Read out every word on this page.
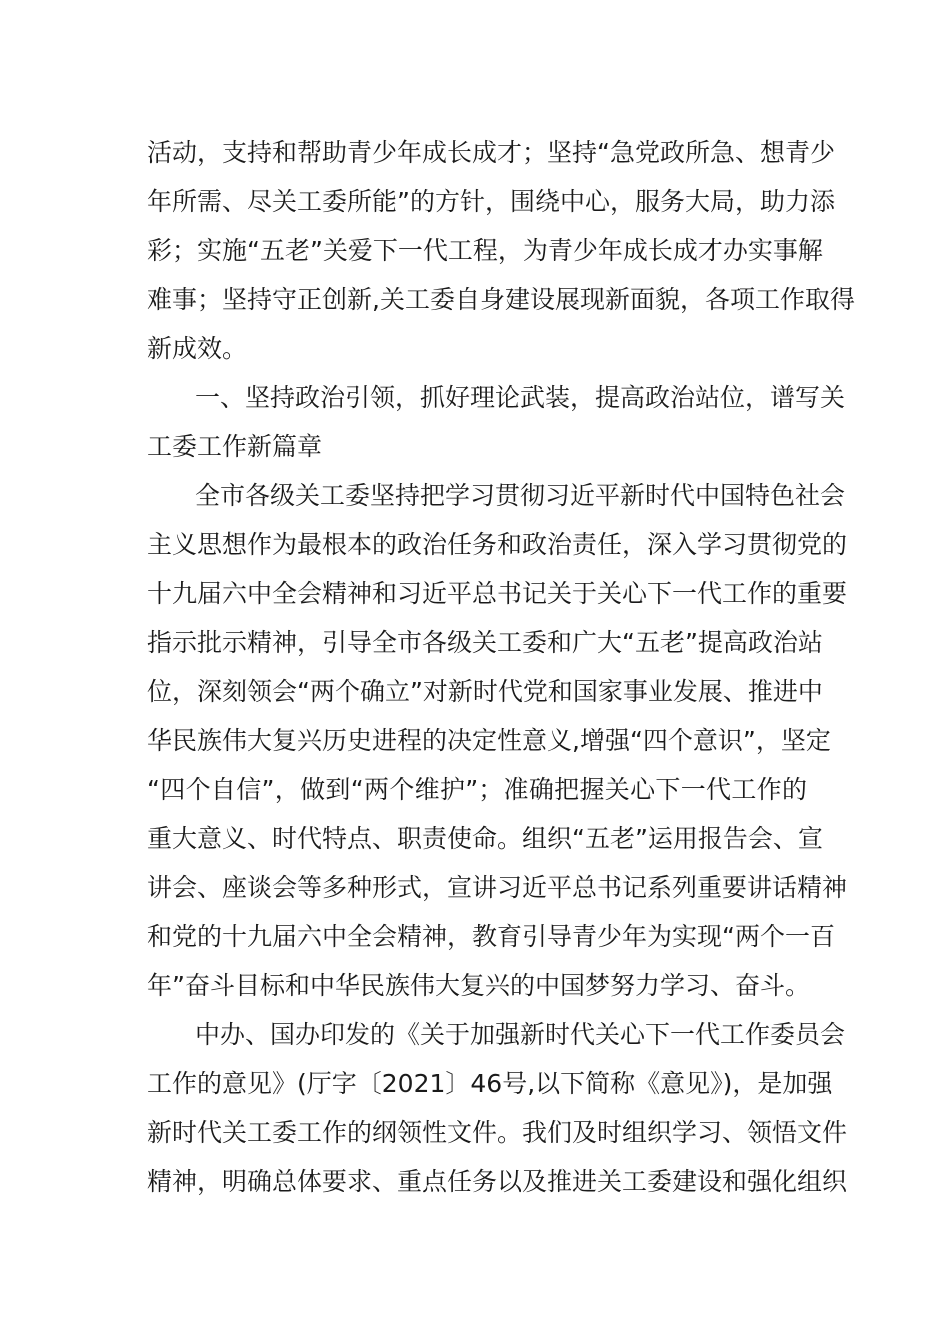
活动，支持和帮助青少年成长成才；坚持“急党政所急、想青少
年所需、尽关工委所能”的方针，围绕中心，服务大局，助力添
彩；实施“五老”关爱下一代工程，为青少年成长成才办实事解
难事；坚持守正创新,关工委自身建设展现新面貌，各项工作取得
新成效。
一、坚持政治引领，抓好理论武装，提高政治站位，谱写关
工委工作新篇章
全市各级关工委坚持把学习贯彻习近平新时代中国特色社会
主义思想作为最根本的政治任务和政治责任，深入学习贯彻党的
十九届六中全会精神和习近平总书记关于关心下一代工作的重要
指示批示精神，引导全市各级关工委和广大“五老”提高政治站
位，深刻领会“两个确立”对新时代党和国家事业发展、推进中
华民族伟大复兴历史进程的决定性意义,增强“四个意识”，坚定
“四个自信”，做到“两个维护”；准确把握关心下一代工作的
重大意义、时代特点、职责使命。组织“五老”运用报告会、宣
讲会、座谈会等多种形式，宣讲习近平总书记系列重要讲话精神
和党的十九届六中全会精神，教育引导青少年为实现“两个一百
年”奋斗目标和中华民族伟大复兴的中国梦努力学习、奋斗。
中办、国办印发的《关于加强新时代关心下一代工作委员会
工作的意见》(厅字〔2021〕46号,以下简称《意见》)，是加强
新时代关工委工作的纲领性文件。我们及时组织学习、领悟文件
精神，明确总体要求、重点任务以及推进关工委建设和强化组织
